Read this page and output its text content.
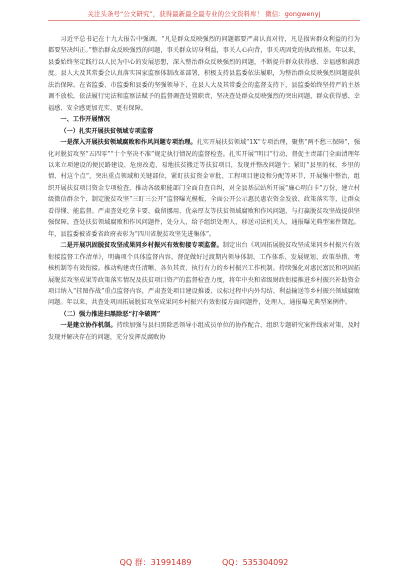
关注头条号“公文研究”，获得最新最全最专业的公文资料库！ 微信：gongwenyj

习近平总书记在十九大报告中强调，“凡是群众反映强烈的问题都要严肃认真对待，凡是损害群众利益的行为都要坚决纠正。”整治群众反映强烈的问题，事关群众切身利益，事关人心向背，事关巩固党的执政根基。年以来，县委始终坚定践行以人民为中心的发展思想，深入整治群众反映强烈的问题，不断提升群众获得感、幸福感和满意度。县人大及其常委会认真落实国家监察体制改革部署，积极支持县监委依法履职，为整治群众反映强烈问题提供法治保障。在省监委、市监委和县委的坚强领导下，在县人大及其常委会的监督支持下，县监委始终坚持严的主基调不放松，依法履行宪法和监察法赋予的监督调查处置职责，坚决查处群众反映强烈的突出问题，群众获得感、幸福感、安全感更加充实、更有保障。

一、工作开展情况

（一）扎实开展扶贫领域专项监督

一是深入开展扶贫领域腐败和作风问题专项治理。扎实开展扶贫领域“1X”专项治理，聚焦“两不愁三保障”，强化对脱贫攻坚“五四零”“十个坚决不准”规定执行情况的监督检查。扎实开展“明目”行动，督促主责部门全面清理年以来立项建设的便民路建设、危房改造、易地扶贫搬迁等扶贫项目，发现并整改问题个；紧盯“县里的权、乡里的情、村这个点”，突出重点领域和关键部位，紧盯扶贫资金审批、工程项目建设和分配等环节，开展集中整治，组织开展扶贫项目资金专项检查，推动各级职能部门全面自查自纠，对全县基层站所开展“廉心明白卡”万份，建立村级微信群余个，制定脱贫攻坚“三盯三公开”监督曝光模板，全面公开公示惠民惠农资金发放、政策落实等，让群众看得懂、能监督。严肃查处吃拿卡要、截留挪用、优亲厚友等扶贫领域腐败和作风问题，与打赢脱贫攻坚战提供坚强保障。查处扶贫领域腐败和作风问题件，处分人，给予组织处理人，移送司法机关人，通报曝光典型案件期起。年，县监委被省委省政府表彰为“四川省脱贫攻坚先进集体”。

二是开展巩固脱贫攻坚成果同乡村振兴有效衔接专项监督。制定出台《巩固拓展脱贫攻坚成果同乡村振兴有效衔接监督工作清单》，明确项个具体监督内容，督促做好过渡期内领导体制、工作体系、发展规划、政策举措、考核机制等有效衔接。推动构建责任清晰、各负其责、执行有力的乡村振兴工作机制。持续强化对惠民富民和巩固拓展脱贫攻坚成果等政策落实情况及扶贫项目资产的监督检查力度，将年中央和省级财政衔接推进乡村振兴补助资金项目纳入“挂图作战”重点监督内容，严肃查处项目建设推诿、议标过程中内外勾结、利益输送等乡村振兴领域腐败问题。年以来，共查处巩固拓展脱贫攻坚成果同乡村振兴有效衔接方面问题件，处理人，通报曝光典型案例件。

（二）强力推进扫黑除恶“打伞破网”

一是建立协作机制。持续加强与县扫黑除恶领导小组成员单位的协作配合，组织专题研究案件线索对策，及时发现并解决存在的问题，充分发挥反腐败协

QQ 群：31991489	QQ：535304092
